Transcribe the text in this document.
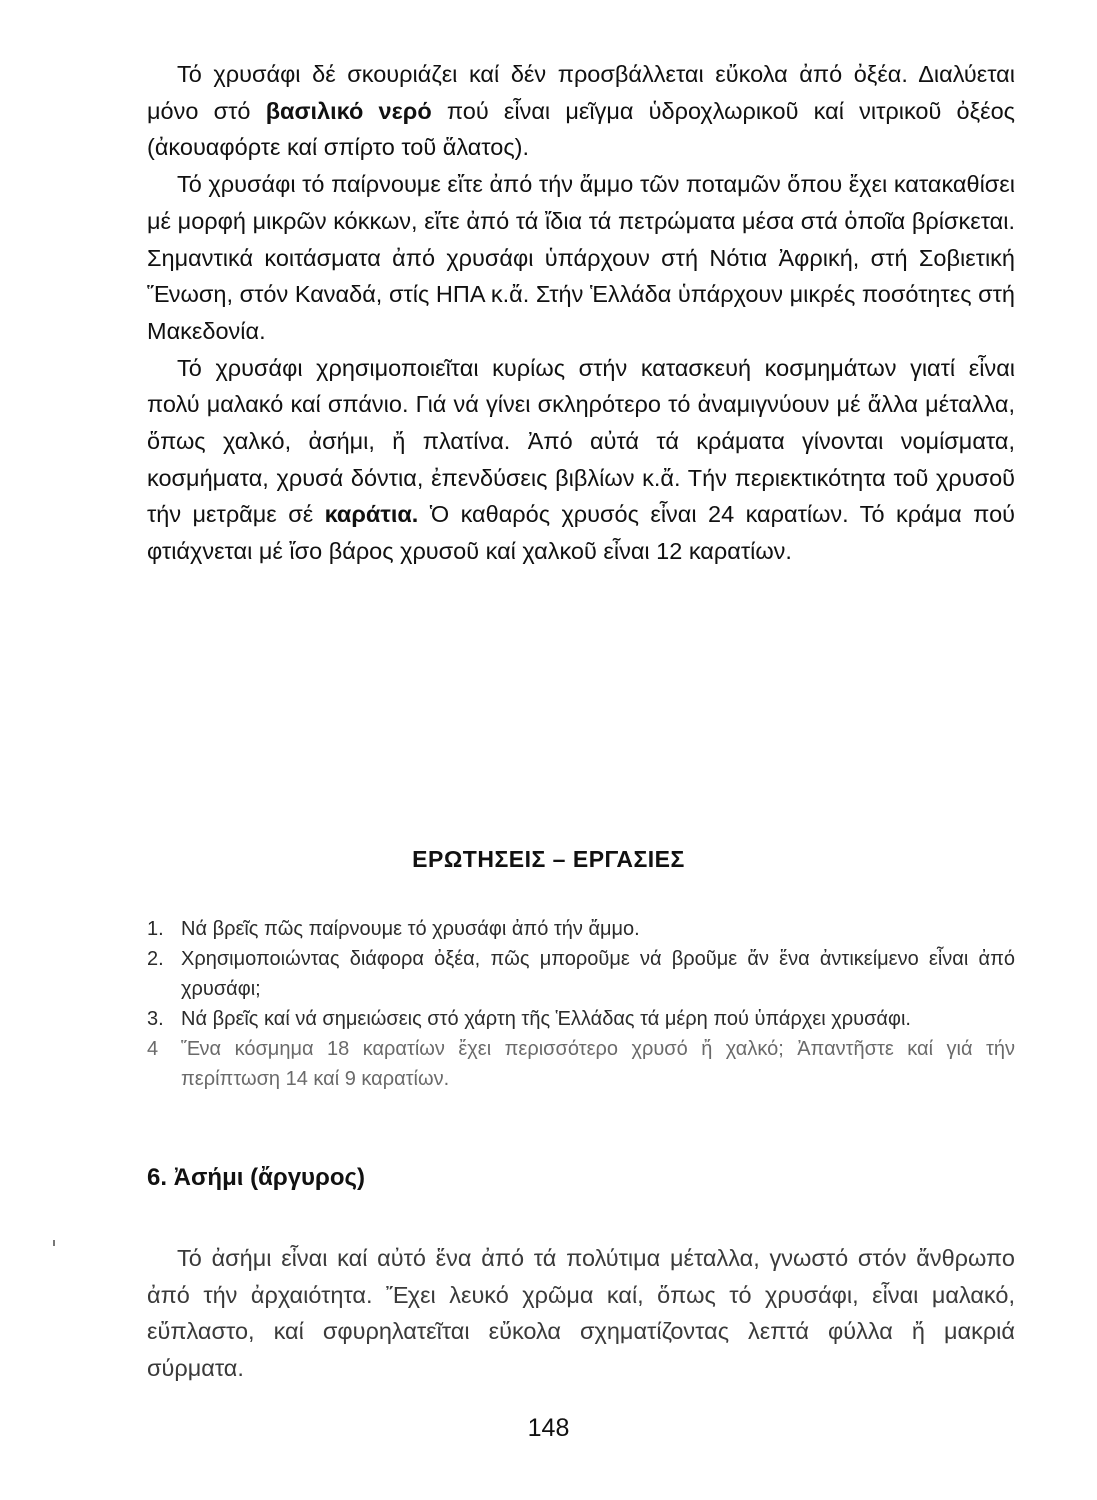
Τό χρυσάφι δέ σκουριάζει καί δέν προσβάλλεται εὔκολα ἀπό ὀξέα. Διαλύεται μόνο στό βασιλικό νερό πού εἶναι μεῖγμα ὑδροχλωρικοῦ καί νιτρικοῦ ὀξέος (ἀκουαφόρτε καί σπίρτο τοῦ ἅλατος).

Τό χρυσάφι τό παίρνουμε εἴτε ἀπό τήν ἄμμο τῶν ποταμῶν ὅπου ἔχει κατακαθίσει μέ μορφή μικρῶν κόκκων, εἴτε ἀπό τά ἴδια τά πετρώματα μέσα στά ὁποῖα βρίσκεται. Σημαντικά κοιτάσματα ἀπό χρυσάφι ὑπάρχουν στή Νότια Ἀφρική, στή Σοβιετική Ἕνωση, στόν Καναδά, στίς ΗΠΑ κ.ἄ. Στήν Ἑλλάδα ὑπάρχουν μικρές ποσότητες στή Μακεδονία.

Τό χρυσάφι χρησιμοποιεῖται κυρίως στήν κατασκευή κοσμημάτων γιατί εἶναι πολύ μαλακό καί σπάνιο. Γιά νά γίνει σκληρότερο τό ἀναμιγνύουν μέ ἄλλα μέταλλα, ὅπως χαλκό, ἀσήμι, ἤ πλατίνα. Ἀπό αὐτά τά κράματα γίνονται νομίσματα, κοσμήματα, χρυσά δόντια, ἐπενδύσεις βιβλίων κ.ἄ. Τήν περιεκτικότητα τοῦ χρυσοῦ τήν μετρᾶμε σέ καράτια. Ὁ καθαρός χρυσός εἶναι 24 καρατίων. Τό κράμα πού φτιάχνεται μέ ἴσο βάρος χρυσοῦ καί χαλκοῦ εἶναι 12 καρατίων.

ΕΡΩΤΗΣΕΙΣ – ΕΡΓΑΣΙΕΣ
1. Νά βρεῖς πῶς παίρνουμε τό χρυσάφι ἀπό τήν ἄμμο.
2. Χρησιμοποιώντας διάφορα ὀξέα, πῶς μποροῦμε νά βροῦμε ἄν ἕνα ἀντικείμενο εἶναι ἀπό χρυσάφι;
3. Νά βρεῖς καί νά σημειώσεις στό χάρτη τῆς Ἑλλάδας τά μέρη πού ὑπάρχει χρυσάφι.
4	Ἕνα κόσμημα 18 καρατίων ἔχει περισσότερο χρυσό ἤ χαλκό; Ἀπαντῆστε καί γιά τήν περίπτωση 14 καί 9 καρατίων.
6. Ἀσήμι (ἄργυρος)

Τό ἀσήμι εἶναι καί αὐτό ἕνα ἀπό τά πολύτιμα μέταλλα, γνωστό στόν ἄνθρωπο ἀπό τήν ἀρχαιότητα. Ἔχει λευκό χρῶμα καί, ὅπως τό χρυσάφι, εἶναι μαλακό, εὔπλαστο, καί σφυρηλατεῖται εὔκολα σχηματίζοντας λεπτά φύλλα ἤ μακριά σύρματα.

148
